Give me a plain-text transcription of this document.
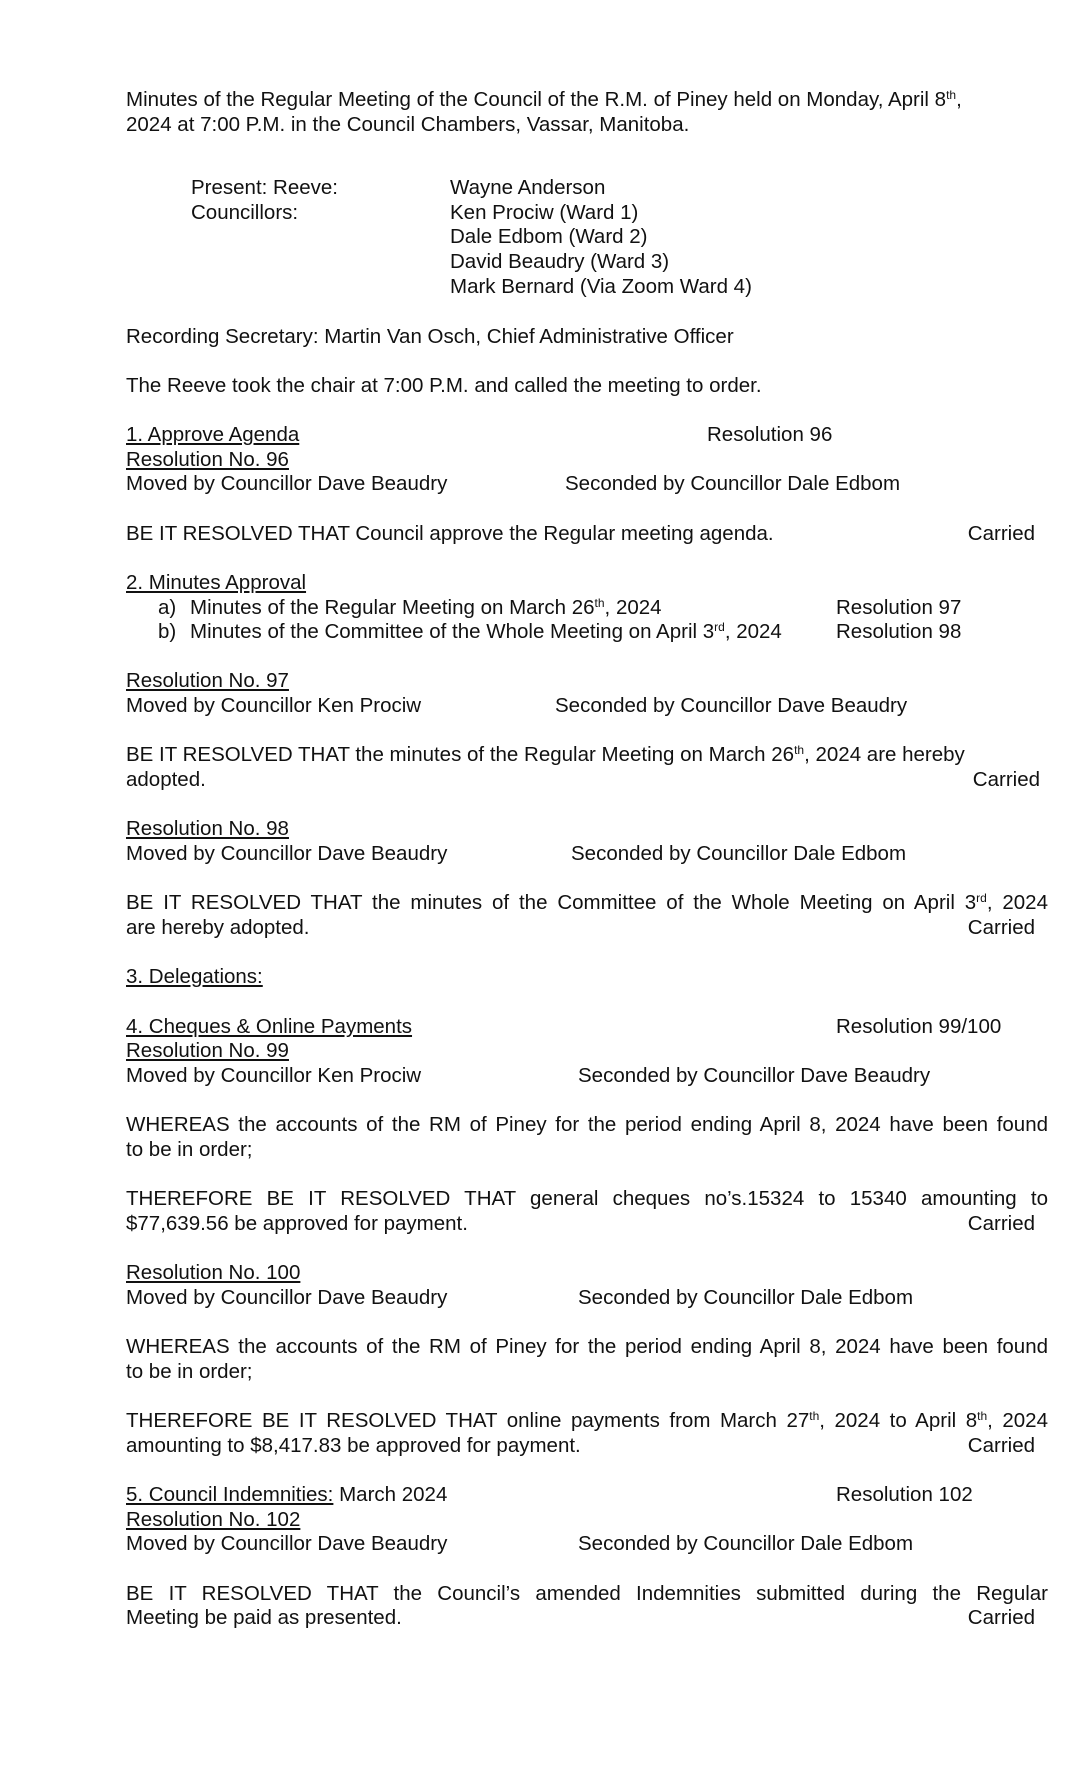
Minutes of the Regular Meeting of the Council of the R.M. of Piney held on Monday, April 8th,
2024 at 7:00 P.M. in the Council Chambers, Vassar, Manitoba.
Present: Reeve:	Wayne Anderson
Councillors:	Ken Prociw (Ward 1)
Dale Edbom (Ward 2)
David Beaudry (Ward 3)
Mark Bernard (Via Zoom Ward 4)
Recording Secretary: Martin Van Osch, Chief Administrative Officer
The Reeve took the chair at 7:00 P.M. and called the meeting to order.
1. Approve Agenda	Resolution 96
Resolution No. 96
Moved by Councillor Dave Beaudry	Seconded by Councillor Dale Edbom
BE IT RESOLVED THAT Council approve the Regular meeting agenda.	Carried
2. Minutes Approval
a) Minutes of the Regular Meeting on March 26th, 2024	Resolution 97
b) Minutes of the Committee of the Whole Meeting on April 3rd, 2024	Resolution 98
Resolution No. 97
Moved by Councillor Ken Prociw	Seconded by Councillor Dave Beaudry
BE IT RESOLVED THAT the minutes of the Regular Meeting on March 26th, 2024 are hereby
adopted.	Carried
Resolution No. 98
Moved by Councillor Dave Beaudry	Seconded by Councillor Dale Edbom
BE IT RESOLVED THAT the minutes of the Committee of the Whole Meeting on April 3rd, 2024
are hereby adopted.	Carried
3. Delegations:
4. Cheques & Online Payments	Resolution 99/100
Resolution No. 99
Moved by Councillor Ken Prociw	Seconded by Councillor Dave Beaudry
WHEREAS the accounts of the RM of Piney for the period ending April 8, 2024 have been found
to be in order;
THEREFORE BE IT RESOLVED THAT general cheques no’s.15324 to 15340 amounting to
$77,639.56 be approved for payment.	Carried
Resolution No. 100
Moved by Councillor Dave Beaudry	Seconded by Councillor Dale Edbom
WHEREAS the accounts of the RM of Piney for the period ending April 8, 2024 have been found
to be in order;
THEREFORE BE IT RESOLVED THAT online payments from March 27th, 2024 to April 8th, 2024
amounting to $8,417.83 be approved for payment.	Carried
5. Council Indemnities: March 2024	Resolution 102
Resolution No. 102
Moved by Councillor Dave Beaudry	Seconded by Councillor Dale Edbom
BE IT RESOLVED THAT the Council’s amended Indemnities submitted during the Regular
Meeting be paid as presented.	Carried
